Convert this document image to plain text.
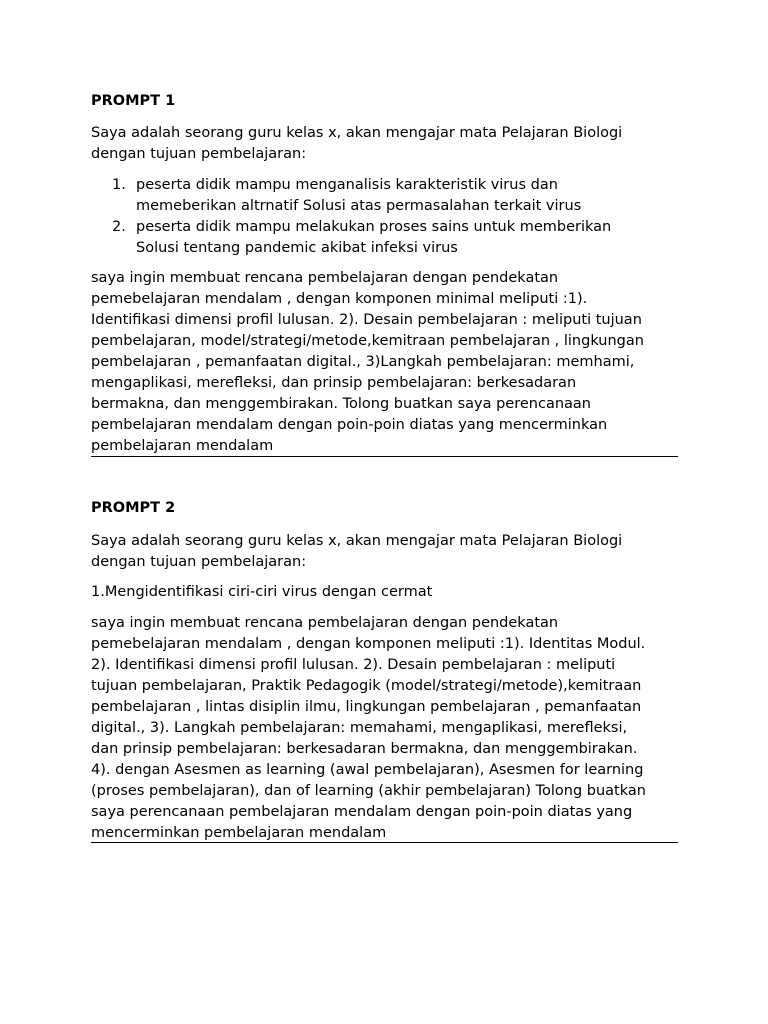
PROMPT 1

Saya adalah seorang guru kelas x, akan mengajar mata Pelajaran Biologi

dengan tujuan pembelajaran:

1. peserta didik mampu menganalisis karakteristik virus dan
memeberikan altrnatif Solusi atas permasalahan terkait virus
2. peserta didik mampu melakukan proses sains untuk memberikan
Solusi tentang pandemic akibat infeksi virus

saya ingin membuat rencana pembelajaran dengan pendekatan

pemebelajaran mendalam , dengan komponen minimal meliputi :1).

Identifikasi dimensi profil lulusan. 2). Desain pembelajaran : meliputi tujuan

pembelajaran, model/strategi/metode,kemitraan pembelajaran , lingkungan

pembelajaran , pemanfaatan digital., 3)Langkah pembelajaran: memhami,

mengaplikasi, merefleksi, dan prinsip pembelajaran: berkesadaran

bermakna, dan menggembirakan. Tolong buatkan saya perencanaan

pembelajaran mendalam dengan poin-poin diatas yang mencerminkan

pembelajaran mendalam

PROMPT 2

Saya adalah seorang guru kelas x, akan mengajar mata Pelajaran Biologi

dengan tujuan pembelajaran:

1.Mengidentifikasi ciri-ciri virus dengan cermat

saya ingin membuat rencana pembelajaran dengan pendekatan

pemebelajaran mendalam , dengan komponen meliputi :1). Identitas Modul.

2). Identifikasi dimensi profil lulusan. 2). Desain pembelajaran : meliputi

tujuan pembelajaran, Praktik Pedagogik (model/strategi/metode),kemitraan

pembelajaran , lintas disiplin ilmu, lingkungan pembelajaran , pemanfaatan

digital., 3). Langkah pembelajaran: memahami, mengaplikasi, merefleksi,

dan prinsip pembelajaran: berkesadaran bermakna, dan menggembirakan.

4). dengan Asesmen as learning (awal pembelajaran), Asesmen for learning

(proses pembelajaran), dan of learning (akhir pembelajaran) Tolong buatkan

saya perencanaan pembelajaran mendalam dengan poin-poin diatas yang

mencerminkan pembelajaran mendalam
